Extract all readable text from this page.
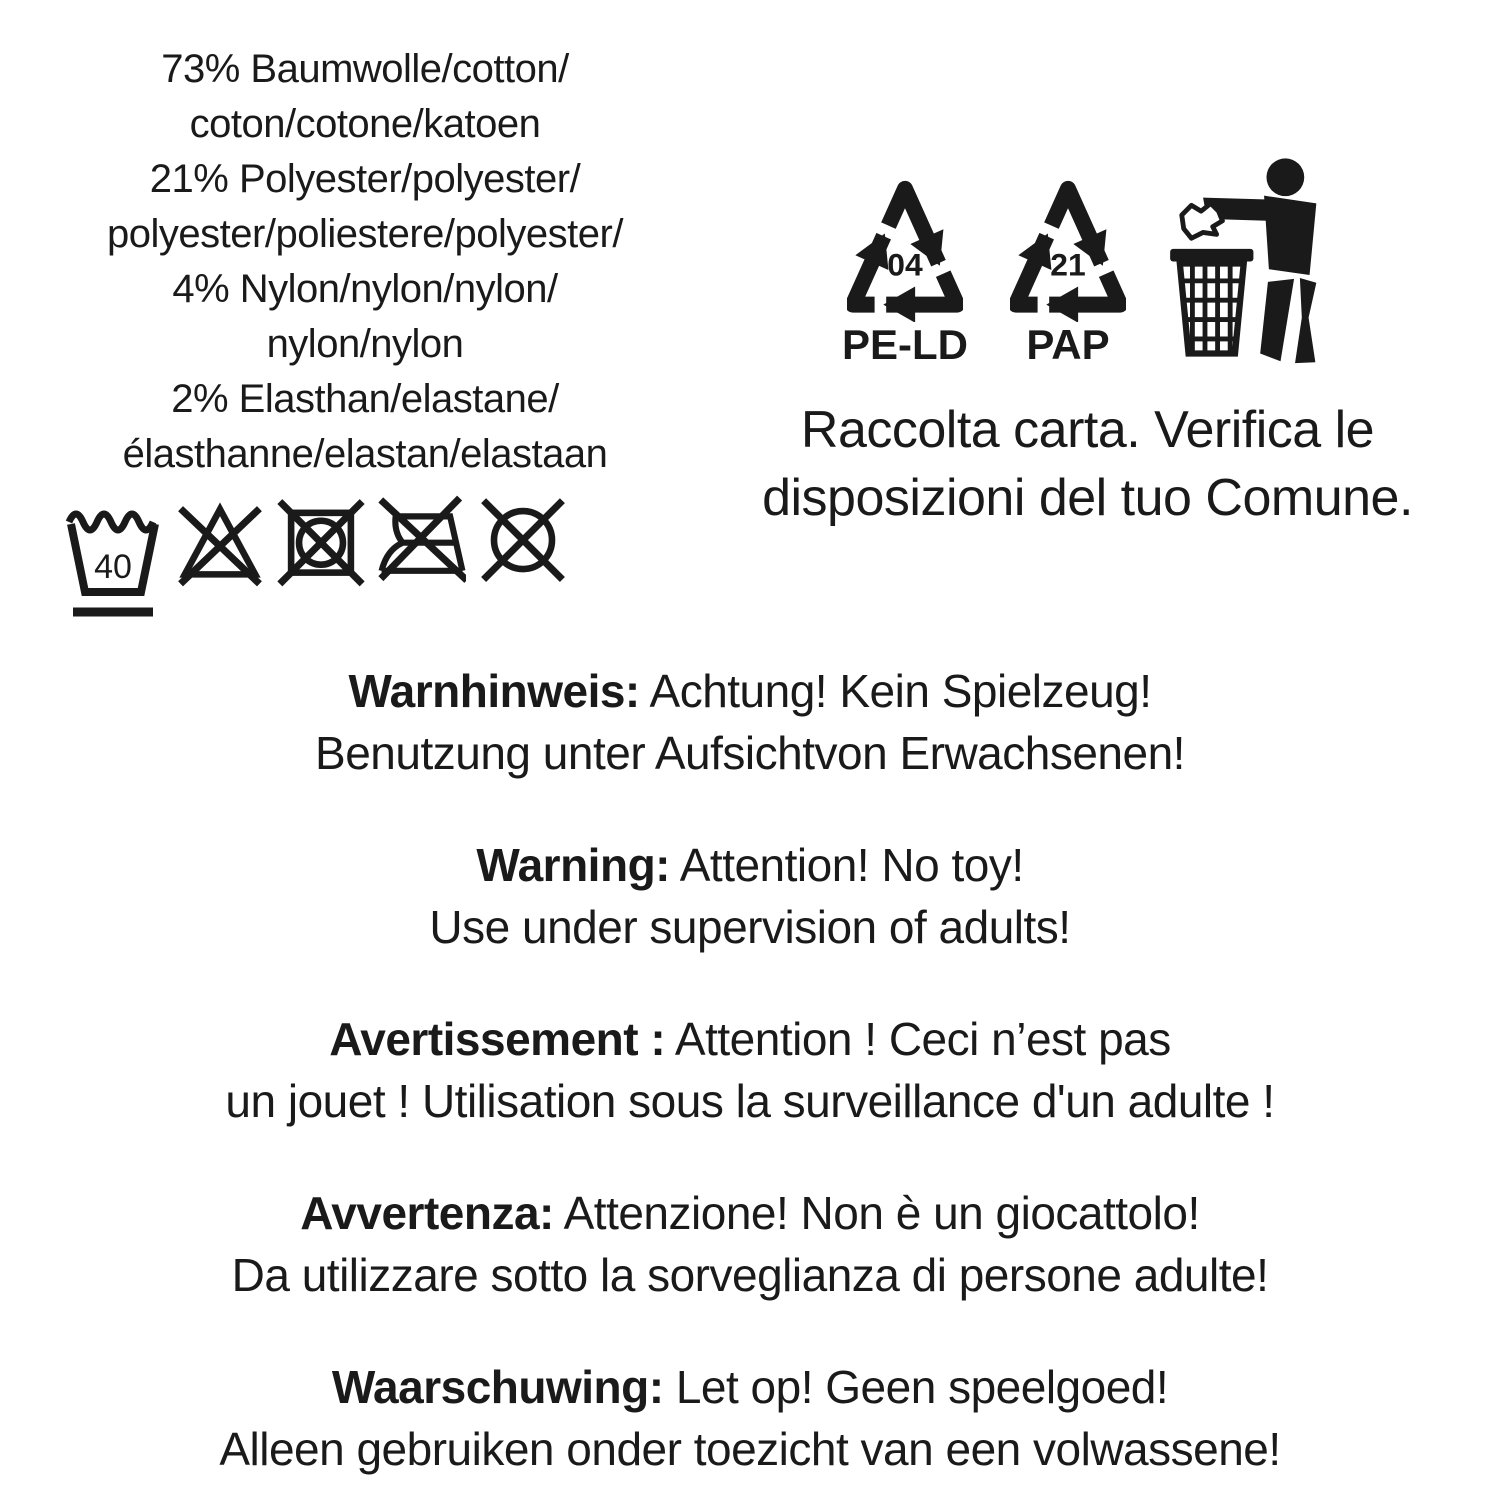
73% Baumwolle/cotton/
coton/cotone/katoen
21% Polyester/polyester/
polyester/poliestere/polyester/
4% Nylon/nylon/nylon/
nylon/nylon
2% Elasthan/elastane/
élasthanne/elastan/elastaan
40
04
PE-LD
21
PAP
Raccolta carta. Verifica le
disposizioni del tuo Comune.

Warnhinweis: Achtung! Kein Spielzeug!
Benutzung unter Aufsichtvon Erwachsenen!

Warning: Attention! No toy!
Use under supervision of adults!

Avertissement : Attention ! Ceci n’est pas
un jouet ! Utilisation sous la surveillance d'un adulte !

Avvertenza: Attenzione! Non è un giocattolo!
Da utilizzare sotto la sorveglianza di persone adulte!

Waarschuwing: Let op! Geen speelgoed!
Alleen gebruiken onder toezicht van een volwassene!
